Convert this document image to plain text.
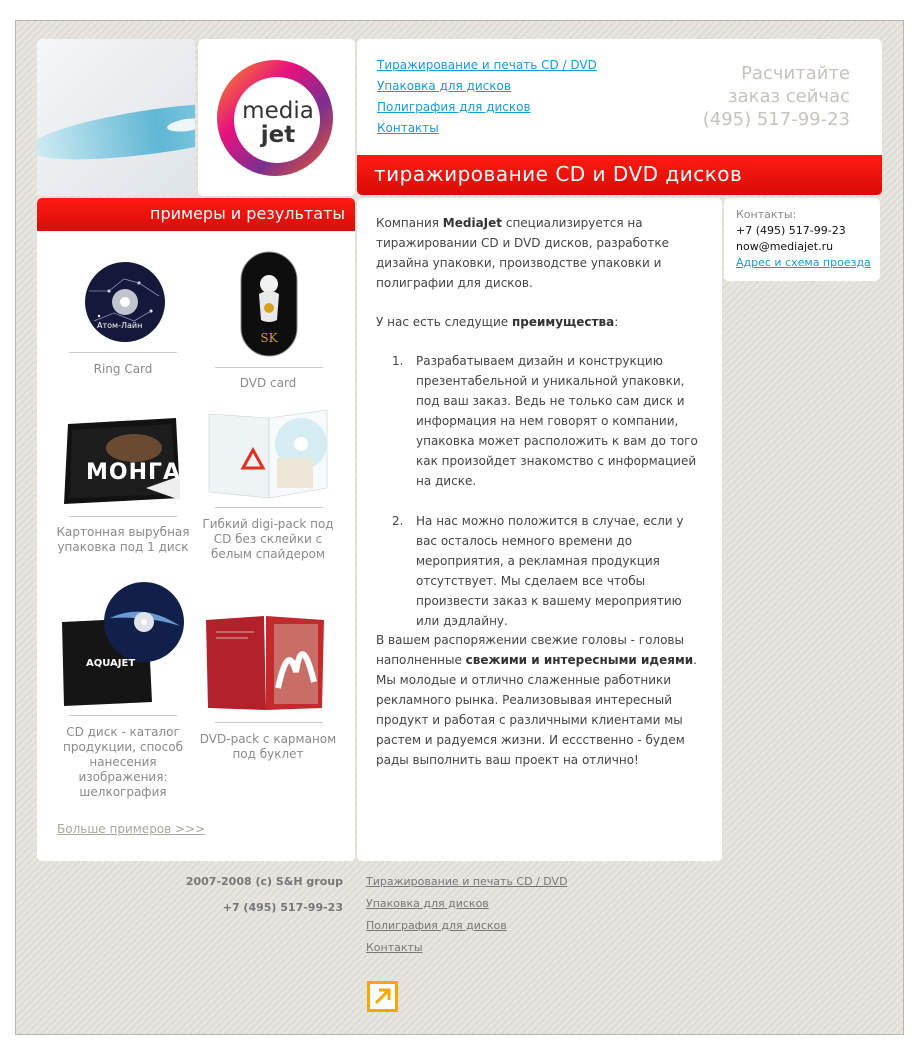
media
jet
Тиражирование и печать CD / DVD
Упаковка для дисков
Полиграфия для дисков
Контакты
Расчитайте
заказ сейчас
(495) 517-99-23
тиражирование CD и DVD дисков
примеры и результаты
Атом-Лайн
Ring Card
SK
DVD card
МОНГА
Картонная вырубная упаковка под 1 диск
Гибкий digi-pack под CD без склейки с белым спайдером
AQUAJET
CD диск - каталог продукции, способ нанесения изображения: шелкография
DVD-pack с карманом под буклет
Больше примеров >>>
Компания MediaJet специализируется на тиражировании CD и DVD дисков, разработке дизайна упаковки, производстве упаковки и полиграфии для дисков.
У нас есть следущие преимущества:
1. Разрабатываем дизайн и конструкцию презентабельной и уникальной упаковки, под ваш заказ. Ведь не только сам диск и информация на нем говорят о компании, упаковка может расположить к вам до того как произойдет знакомство с информацией на диске.
2. На нас можно положится в случае, если у вас осталось немного времени до мероприятия, а рекламная продукция отсутствует. Мы сделаем все чтобы произвести заказ к вашему мероприятию или дэдлайну.
В вашем распоряжении свежие головы - головы наполненные свежими и интересными идеями. Мы молодые и отлично слаженные работники рекламного рынка. Реализовывая интересный продукт и работая с различными клиентами мы растем и радуемся жизни. И ессственно - будем рады выполнить ваш проект на отлично!
Контакты:
+7 (495) 517-99-23
now@mediajet.ru
Адрес и схема проезда
2007-2008 (c) S&H group
+7 (495) 517-99-23
Тиражирование и печать CD / DVD
Упаковка для дисков
Полиграфия для дисков
Контакты
